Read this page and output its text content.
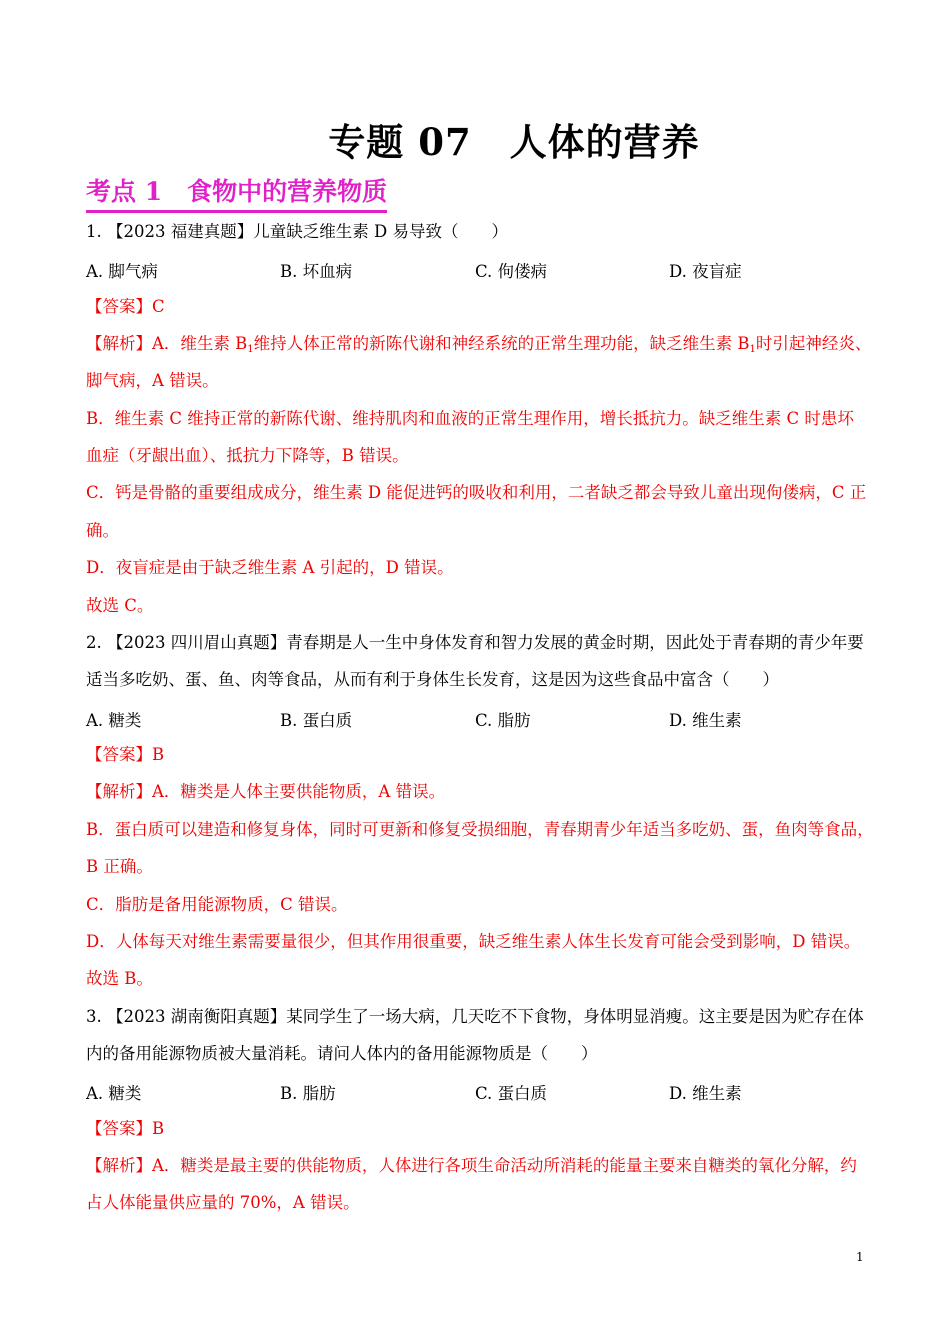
专题 07　人体的营养
考点 1　食物中的营养物质
1. 【2023 福建真题】儿童缺乏维生素 D 易导致（　　）
A. 脚气病	B. 坏血病	C. 佝偻病	D. 夜盲症
【答案】C
【解析】A．维生素 $B_1$维持人体正常的新陈代谢和神经系统的正常生理功能，缺乏维生素 $B_1$时引起神经炎、
脚气病，A 错误。
B．维生素 C 维持正常的新陈代谢、维持肌肉和血液的正常生理作用，增长抵抗力。缺乏维生素 C 时患坏
血症（牙龈出血）、抵抗力下降等，B 错误。
C．钙是骨骼的重要组成成分，维生素 D 能促进钙的吸收和利用，二者缺乏都会导致儿童出现佝偻病，C 正
确。
D．夜盲症是由于缺乏维生素 A 引起的，D 错误。
故选 C。
2. 【2023 四川眉山真题】青春期是人一生中身体发育和智力发展的黄金时期，因此处于青春期的青少年要
适当多吃奶、蛋、鱼、肉等食品，从而有利于身体生长发育，这是因为这些食品中富含（　　）
A. 糖类	B. 蛋白质	C. 脂肪	D. 维生素
【答案】B
【解析】A．糖类是人体主要供能物质，A 错误。
B．蛋白质可以建造和修复身体，同时可更新和修复受损细胞，青春期青少年适当多吃奶、蛋，鱼肉等食品，
B 正确。
C．脂肪是备用能源物质，C 错误。
D．人体每天对维生素需要量很少，但其作用很重要，缺乏维生素人体生长发育可能会受到影响，D 错误。
故选 B。
3. 【2023 湖南衡阳真题】某同学生了一场大病，几天吃不下食物，身体明显消瘦。这主要是因为贮存在体
内的备用能源物质被大量消耗。请问人体内的备用能源物质是（　　）
A. 糖类	B. 脂肪	C. 蛋白质	D. 维生素
【答案】B
【解析】A．糖类是最主要的供能物质，人体进行各项生命活动所消耗的能量主要来自糖类的氧化分解，约
占人体能量供应量的 70%，A 错误。
1
